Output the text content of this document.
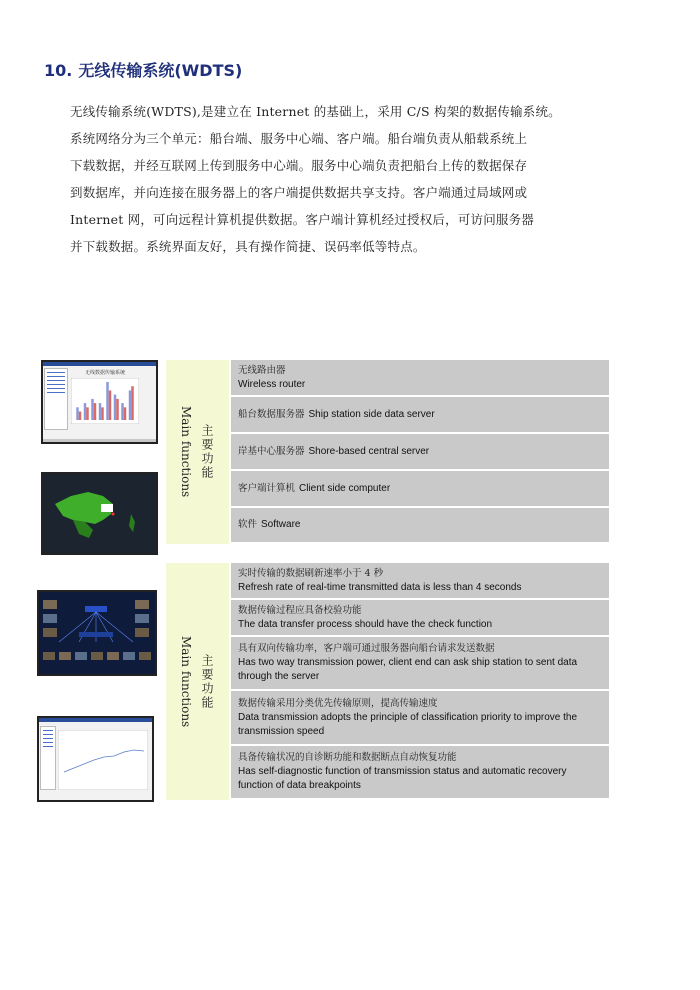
10. 无线传输系统(WDTS)
无线传输系统(WDTS),是建立在 Internet 的基础上，采用 C/S 构架的数据传输系统。
系统网络分为三个单元：船台端、服务中心端、客户端。船台端负责从船载系统上
下载数据，并经互联网上传到服务中心端。服务中心端负责把船台上传的数据保存
到数据库，并向连接在服务器上的客户端提供数据共享支持。客户端通过局域网或
Internet 网，可向远程计算机提供数据。客户端计算机经过授权后，可访问服务器
并下载数据。系统界面友好，具有操作简捷、误码率低等特点。
无线数据传输系统
Main functions 主要功能
无线路由器
Wireless router
船台数据服务器 Ship station side data server
岸基中心服务器 Shore-based central server
客户端计算机 Client side computer
软件 Software
Main functions 主要功能
实时传输的数据刷新速率小于 4 秒
Refresh rate of real-time transmitted data is less than 4 seconds
数据传输过程应具备校验功能
The data transfer process should have the check function
具有双向传输功率，客户端可通过服务器向船台请求发送数据
Has two way transmission power, client end can ask ship station to sent data through the server
数据传输采用分类优先传输原则，提高传输速度
Data transmission adopts the principle of classification priority to improve the transmission speed
具备传输状况的自诊断功能和数据断点自动恢复功能
Has self-diagnostic function of transmission status and automatic recovery function of data breakpoints
